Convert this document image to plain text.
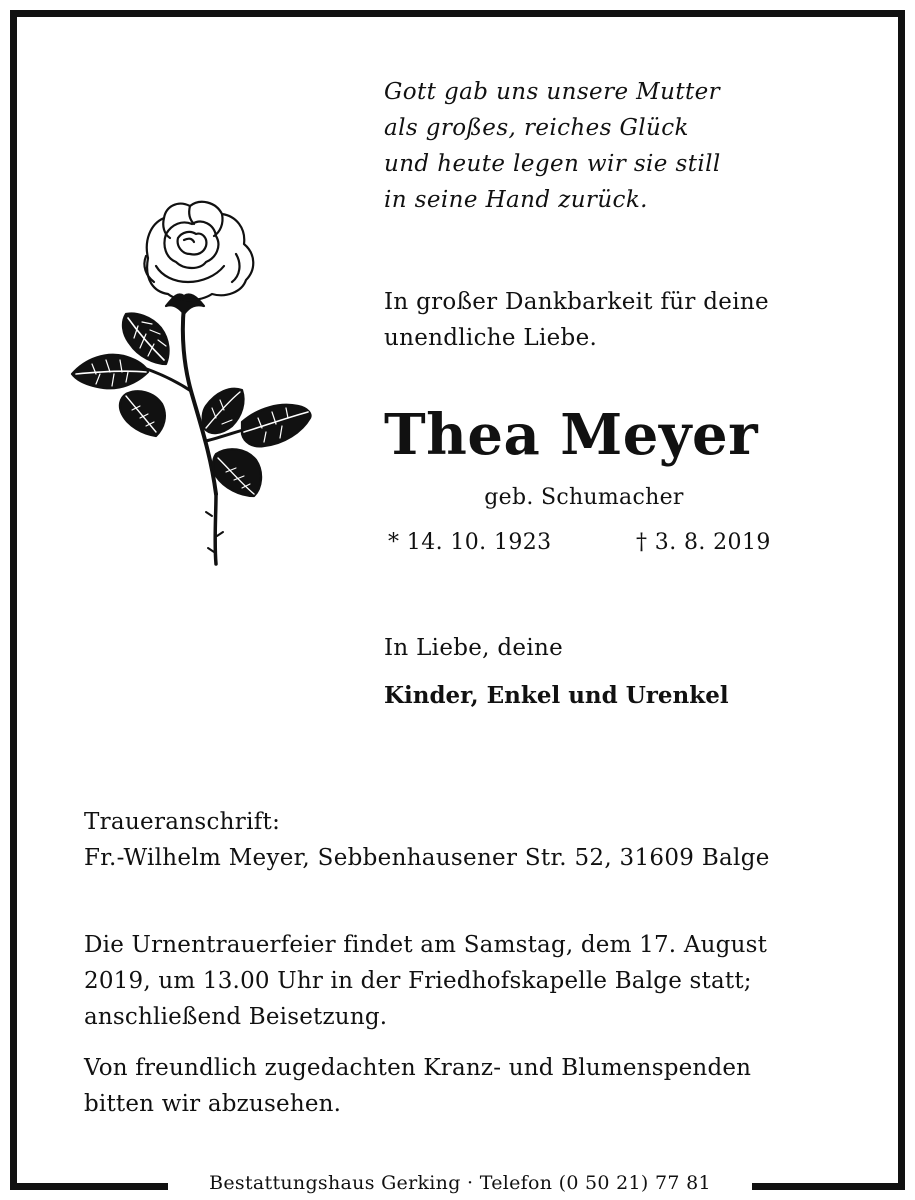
Gott gab uns unsere Mutter
als großes, reiches Glück
und heute legen wir sie still
in seine Hand zurück.
In großer Dankbarkeit für deine
unendliche Liebe.
Thea Meyer
geb. Schumacher
* 14. 10. 1923	† 3. 8. 2019
In Liebe, deine
Kinder, Enkel und Urenkel
Traueranschrift:
Fr.-Wilhelm Meyer, Sebbenhausener Str. 52, 31609 Balge
Die Urnentrauerfeier findet am Samstag, dem 17. August
2019, um 13.00 Uhr in der Friedhofskapelle Balge statt;
anschließend Beisetzung.
Von freundlich zugedachten Kranz- und Blumenspenden
bitten wir abzusehen.
Bestattungshaus Gerking · Telefon (0 50 21) 77 81
